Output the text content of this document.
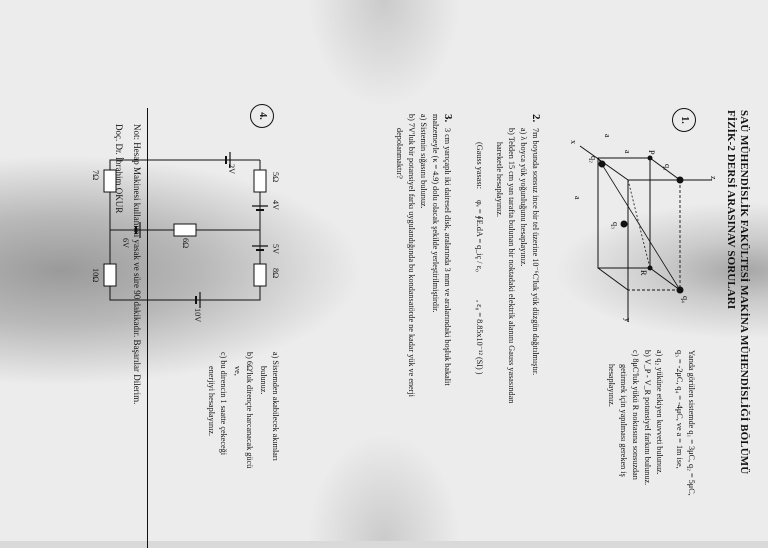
SAÜ MÜHENDİSLİK FAKÜLTESİ MAKİNA MÜHENDİSLİĞİ BÖLÜMÜ
FİZİK-2 DERSİ ARASINAV SORULARI
1.
z
y
x
P
R
q₁
q₂
q₃
q₄
a
a
a
Yanda görülen sistemde q₁ = 3μC, q₂ = 5μC,
q₃ = -2μC, q₄ = -4μC, ve a = 1m ise,
a) q₂ yüküne etkiyen kuvveti bulunuz.
b) V_P - V_R potansiyel farkını bulunuz.
c) 8μC'luk yükü R noktasına sonsuzdan
getirmek için yapılması gereken iş
hesaplayınız.
2.
7m boyunda sonsuz ince bir tel üzerine 10⁻⁶C'luk yük düzgün dağıtılmıştır.
a) λ boyca yük yoğunluğunu hesaplayınız.
b) Telden 15 cm yan tarafta bulunan bir noktadaki elektrik alanını Gauss yasasından
hareketle hesaplayınız.
(Gauss yasası:
φₑ = ∮E.dA = q_iç / ε₀
, ε₀ = 8.85x10⁻¹² (SI) )
3.
3 cm yarıçaplı iki dairesel disk, aralarında 3 mm ve aralarındaki boşluk bakalit
malzemeyle (κ = 4.9) dolu olacak şekilde yerleştirilmiştirdir.
a) Sistemin sığasını bulunuz.
b) 7V'luk bir potansiyel farkı uygulandığında bu kondansatörde ne kadar yük ve enerji
depolanmaktır?
4.
5Ω
4V
5V
8Ω
2V
6Ω
10V
7Ω
6V
10Ω
a) Sistemden akabilecek akımları
bulunuz.
b) 6Ω'luk dirençte harcanacak gücü
ve,
c) bu direncin 1 saatte çekeceği
enerjiyi hesaplayınız.
Not: Hesap Makinesi kullanımı yasak ve süre 90 dakikadır. Başarılar Dilerim.
Doç. Dr. İbrahim OKUR
